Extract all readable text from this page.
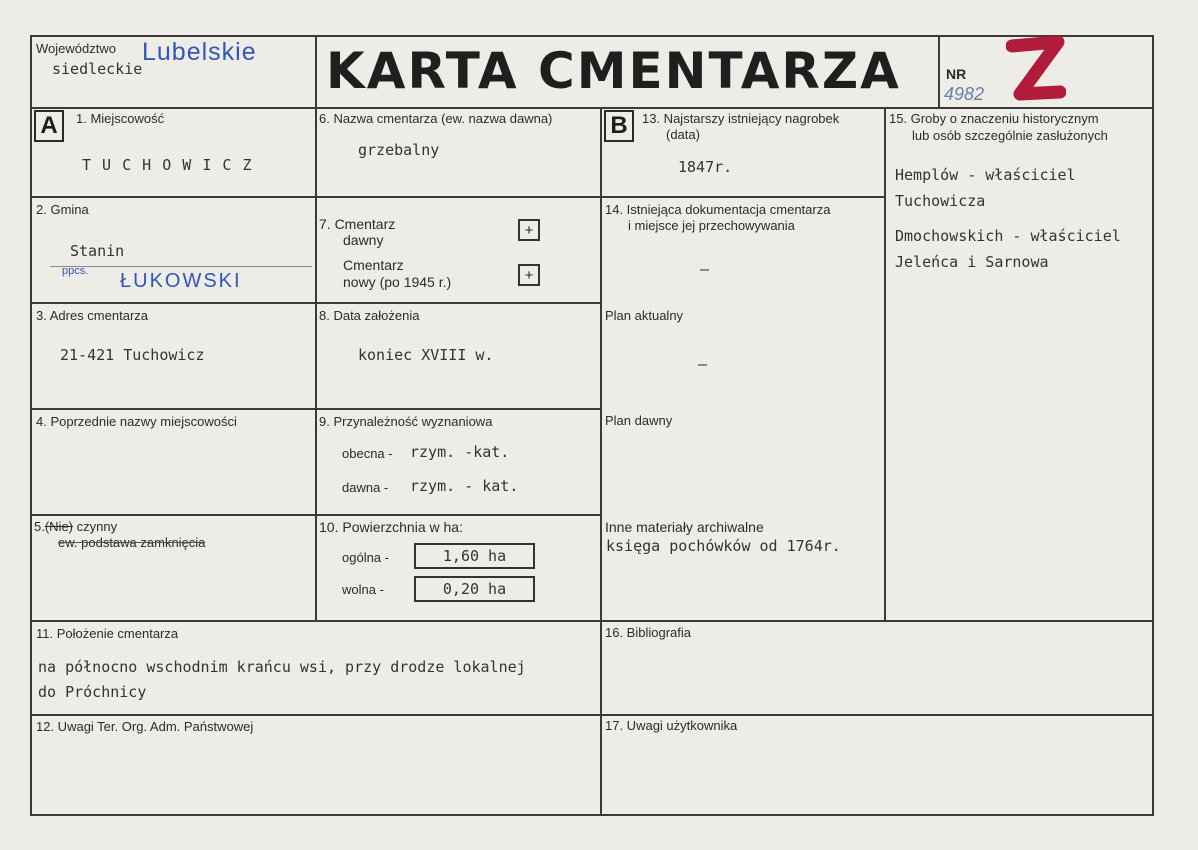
Województwo Lubelskie
siedleckie	KARTA CMENTARZA	NR
4982
A	1. Miejscowość
T U C H O W I C Z
6. Nazwa cmentarza (ew. nazwa dawna)
grzebalny
B	13. Najstarszy istniejący nagrobek
(data)
1847r.
15. Groby o znaczeniu historycznym
lub osób szczególnie zasłużonych
Hemplów - właściciel
Tuchowicza
Dmochowskich - właściciel
Jeleńca i Sarnowa
2. Gmina
Stanin
ppcs. ŁUKOWSKI
7. Cmentarz
dawny
+
Cmentarz
nowy (po 1945 r.)	+
14. Istniejąca dokumentacja cmentarza
i miejsce jej przechowywania
—
3. Adres cmentarza
21-421 Tuchowicz
8. Data założenia
koniec XVIII w.
Plan aktualny
—
4. Poprzednie nazwy miejscowości	9. Przynależność wyznaniowa
obecna - rzym. -kat.
dawna - rzym. - kat.
Plan dawny
5.(Nie) czynny
ew. podstawa zamknięcia
10. Powierzchnia w ha:
ogólna -	1,60 ha
wolna -	0,20 ha
Inne materiały archiwalne
księga pochówków od 1764r.
11. Położenie cmentarza
na północno wschodnim krańcu wsi, przy drodze lokalnej
do Próchnicy
16. Bibliografia
12. Uwagi Ter. Org. Adm. Państwowej	17. Uwagi użytkownika
